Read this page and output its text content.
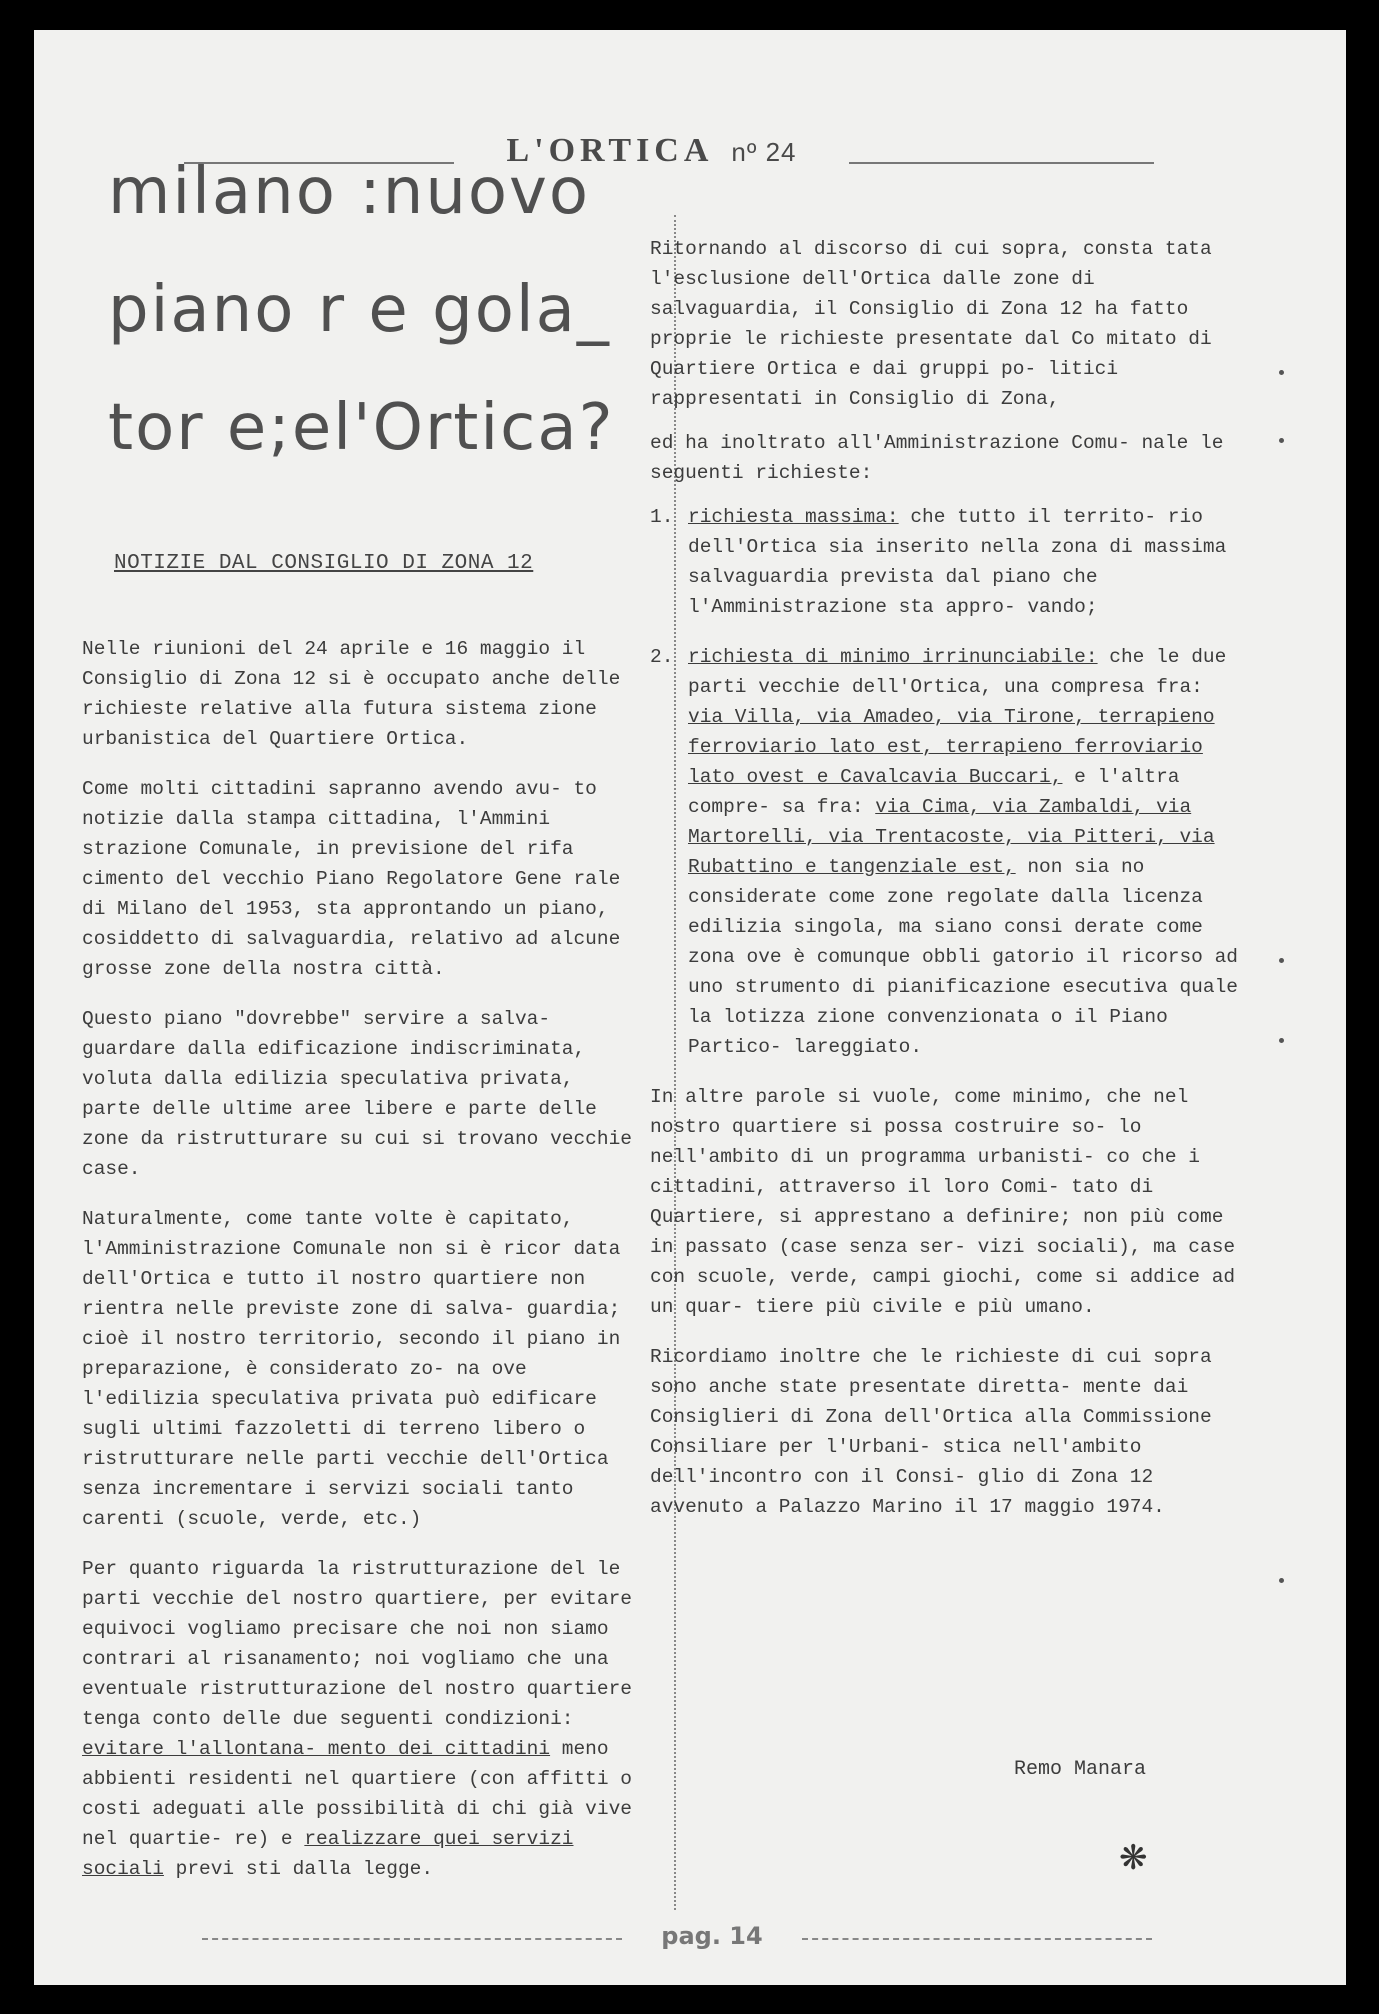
L'ORTICA nº 24
milano :nuovo
piano r e gola_
tor e;el'Ortica?
NOTIZIE DAL CONSIGLIO DI ZONA 12

Nelle riunioni del 24 aprile e 16 maggio il Consiglio di Zona 12 si è occupato anche delle richieste relative alla futura sistema zione urbanistica del Quartiere Ortica.

Come molti cittadini sapranno avendo avu- to notizie dalla stampa cittadina, l'Ammini strazione Comunale, in previsione del rifa cimento del vecchio Piano Regolatore Gene rale di Milano del 1953, sta approntando un piano, cosiddetto di salvaguardia, relativo ad alcune grosse zone della nostra città.

Questo piano "dovrebbe" servire a salva- guardare dalla edificazione indiscriminata, voluta dalla edilizia speculativa privata, parte delle ultime aree libere e parte delle zone da ristrutturare su cui si trovano vecchie case.

Naturalmente, come tante volte è capitato, l'Amministrazione Comunale non si è ricor data dell'Ortica e tutto il nostro quartiere non rientra nelle previste zone di salva- guardia; cioè il nostro territorio, secondo il piano in preparazione, è considerato zo- na ove l'edilizia speculativa privata può edificare sugli ultimi fazzoletti di terreno libero o ristrutturare nelle parti vecchie dell'Ortica senza incrementare i servizi sociali tanto carenti (scuole, verde, etc.)

Per quanto riguarda la ristrutturazione del le parti vecchie del nostro quartiere, per evitare equivoci vogliamo precisare che noi non siamo contrari al risanamento; noi vogliamo che una eventuale ristrutturazione del nostro quartiere tenga conto delle due seguenti condizioni: evitare l'allontana- mento dei cittadini meno abbienti residenti nel quartiere (con affitti o costi adeguati alle possibilità di chi già vive nel quartie- re) e realizzare quei servizi sociali previ sti dalla legge.

Ritornando al discorso di cui sopra, consta tata l'esclusione dell'Ortica dalle zone di salvaguardia, il Consiglio di Zona 12 ha fatto proprie le richieste presentate dal Co mitato di Quartiere Ortica e dai gruppi po- litici rappresentati in Consiglio di Zona,

ed ha inoltrato all'Amministrazione Comu- nale le seguenti richieste:

1. richiesta massima: che tutto il territo- rio dell'Ortica sia inserito nella zona di massima salvaguardia prevista dal piano che l'Amministrazione sta appro- vando;
2. richiesta di minimo irrinunciabile: che le due parti vecchie dell'Ortica, una compresa fra: via Villa, via Amadeo, via Tirone, terrapieno ferroviario lato est, terrapieno ferroviario lato ovest e Cavalcavia Buccari, e l'altra compre- sa fra: via Cima, via Zambaldi, via Martorelli, via Trentacoste, via Pitteri, via Rubattino e tangenziale est, non sia no considerate come zone regolate dalla licenza edilizia singola, ma siano consi derate come zona ove è comunque obbli gatorio il ricorso ad uno strumento di pianificazione esecutiva quale la lotizza zione convenzionata o il Piano Partico- lareggiato.

In altre parole si vuole, come minimo, che nel nostro quartiere si possa costruire so- lo nell'ambito di un programma urbanisti- co che i cittadini, attraverso il loro Comi- tato di Quartiere, si apprestano a definire; non più come in passato (case senza ser- vizi sociali), ma case con scuole, verde, campi giochi, come si addice ad un quar- tiere più civile e più umano.

Ricordiamo inoltre che le richieste di cui sopra sono anche state presentate diretta- mente dai Consiglieri di Zona dell'Ortica alla Commissione Consiliare per l'Urbani- stica nell'ambito dell'incontro con il Consi- glio di Zona 12 avvenuto a Palazzo Marino il 17 maggio 1974.

Remo Manara
❋
pag. 14
